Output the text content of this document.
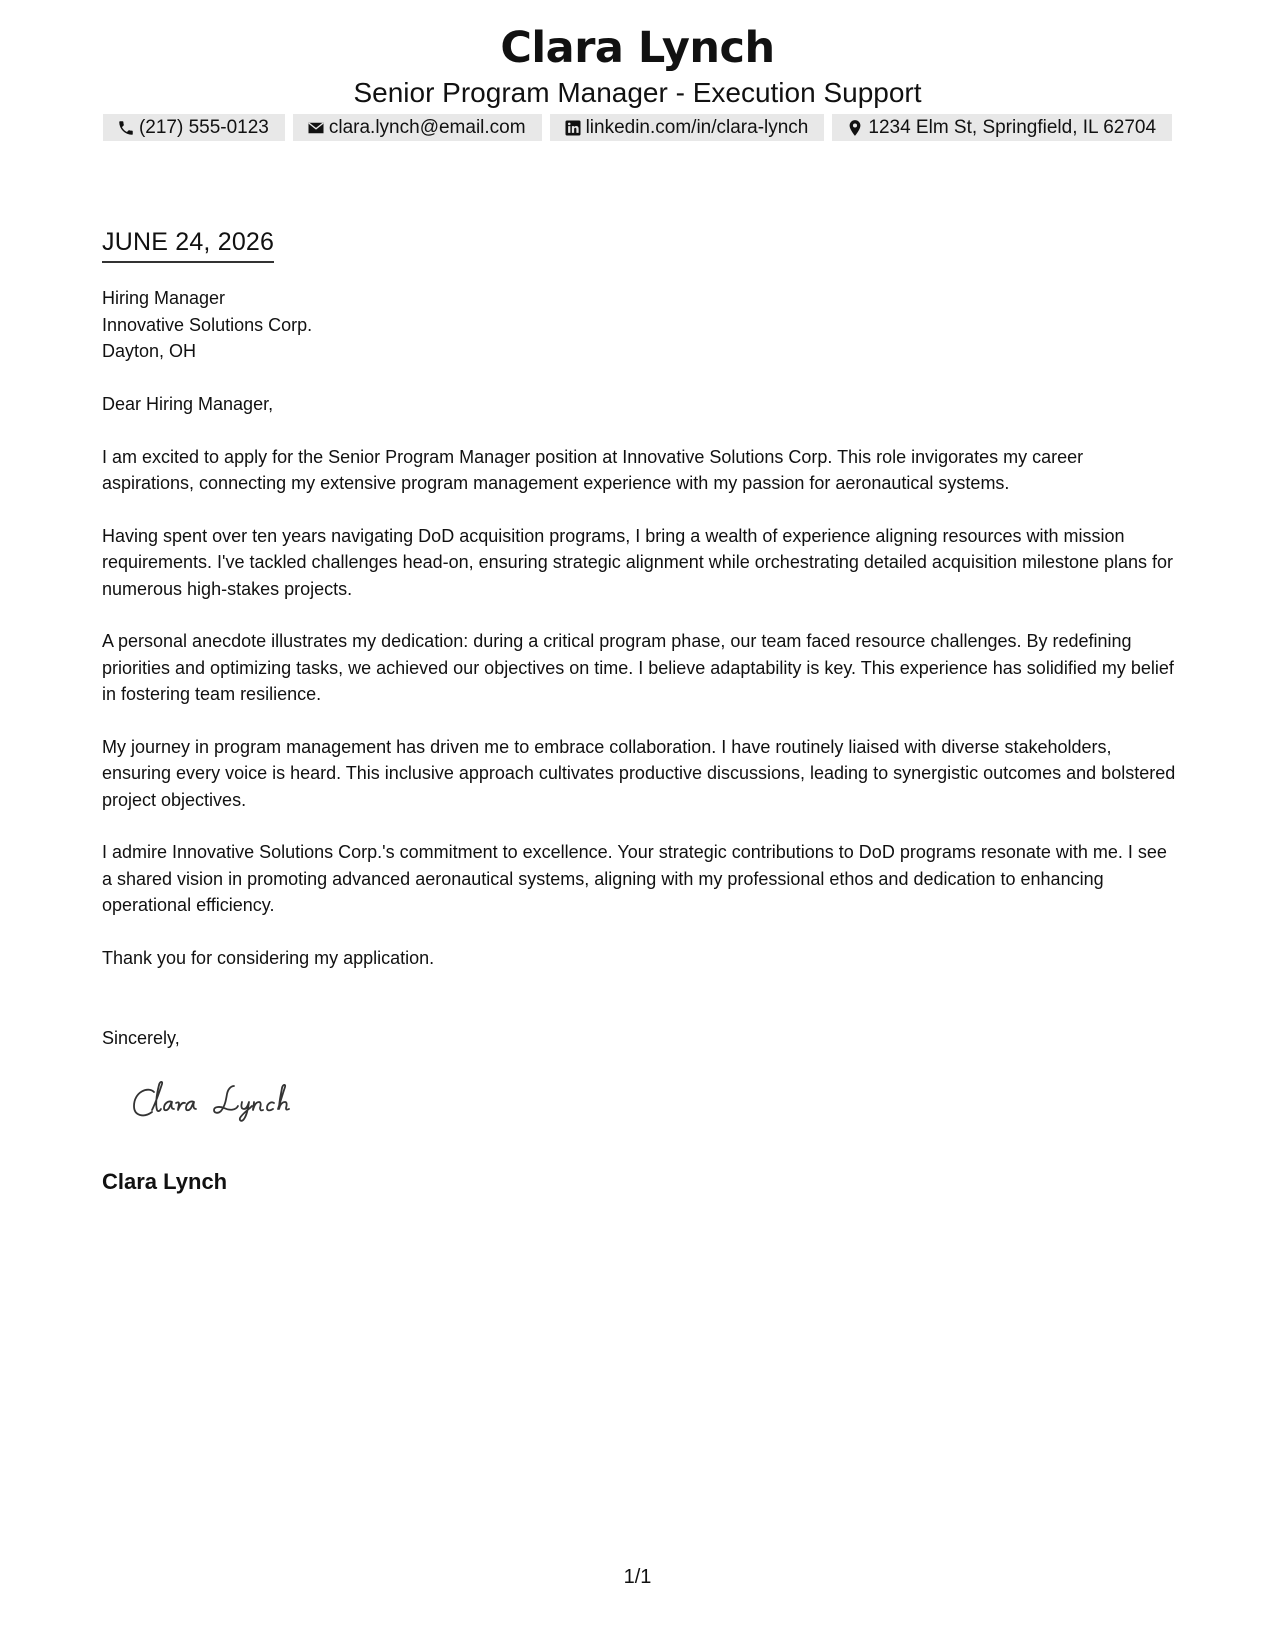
Clara Lynch
Senior Program Manager - Execution Support
(217) 555-0123	clara.lynch@email.com	linkedin.com/in/clara-lynch	1234 Elm St, Springfield, IL 62704
JUNE 24, 2026
Hiring Manager
Innovative Solutions Corp.
Dayton, OH

Dear Hiring Manager,

I am excited to apply for the Senior Program Manager position at Innovative Solutions Corp. This role invigorates my career aspirations, connecting my extensive program management experience with my passion for aeronautical systems.

Having spent over ten years navigating DoD acquisition programs, I bring a wealth of experience aligning resources with mission requirements. I've tackled challenges head-on, ensuring strategic alignment while orchestrating detailed acquisition milestone plans for numerous high-stakes projects.

A personal anecdote illustrates my dedication: during a critical program phase, our team faced resource challenges. By redefining priorities and optimizing tasks, we achieved our objectives on time. I believe adaptability is key. This experience has solidified my belief in fostering team resilience.

My journey in program management has driven me to embrace collaboration. I have routinely liaised with diverse stakeholders, ensuring every voice is heard. This inclusive approach cultivates productive discussions, leading to synergistic outcomes and bolstered project objectives.

I admire Innovative Solutions Corp.'s commitment to excellence. Your strategic contributions to DoD programs resonate with me. I see a shared vision in promoting advanced aeronautical systems, aligning with my professional ethos and dedication to enhancing operational efficiency.

Thank you for considering my application.

Sincerely,
Clara Lynch
1/1
